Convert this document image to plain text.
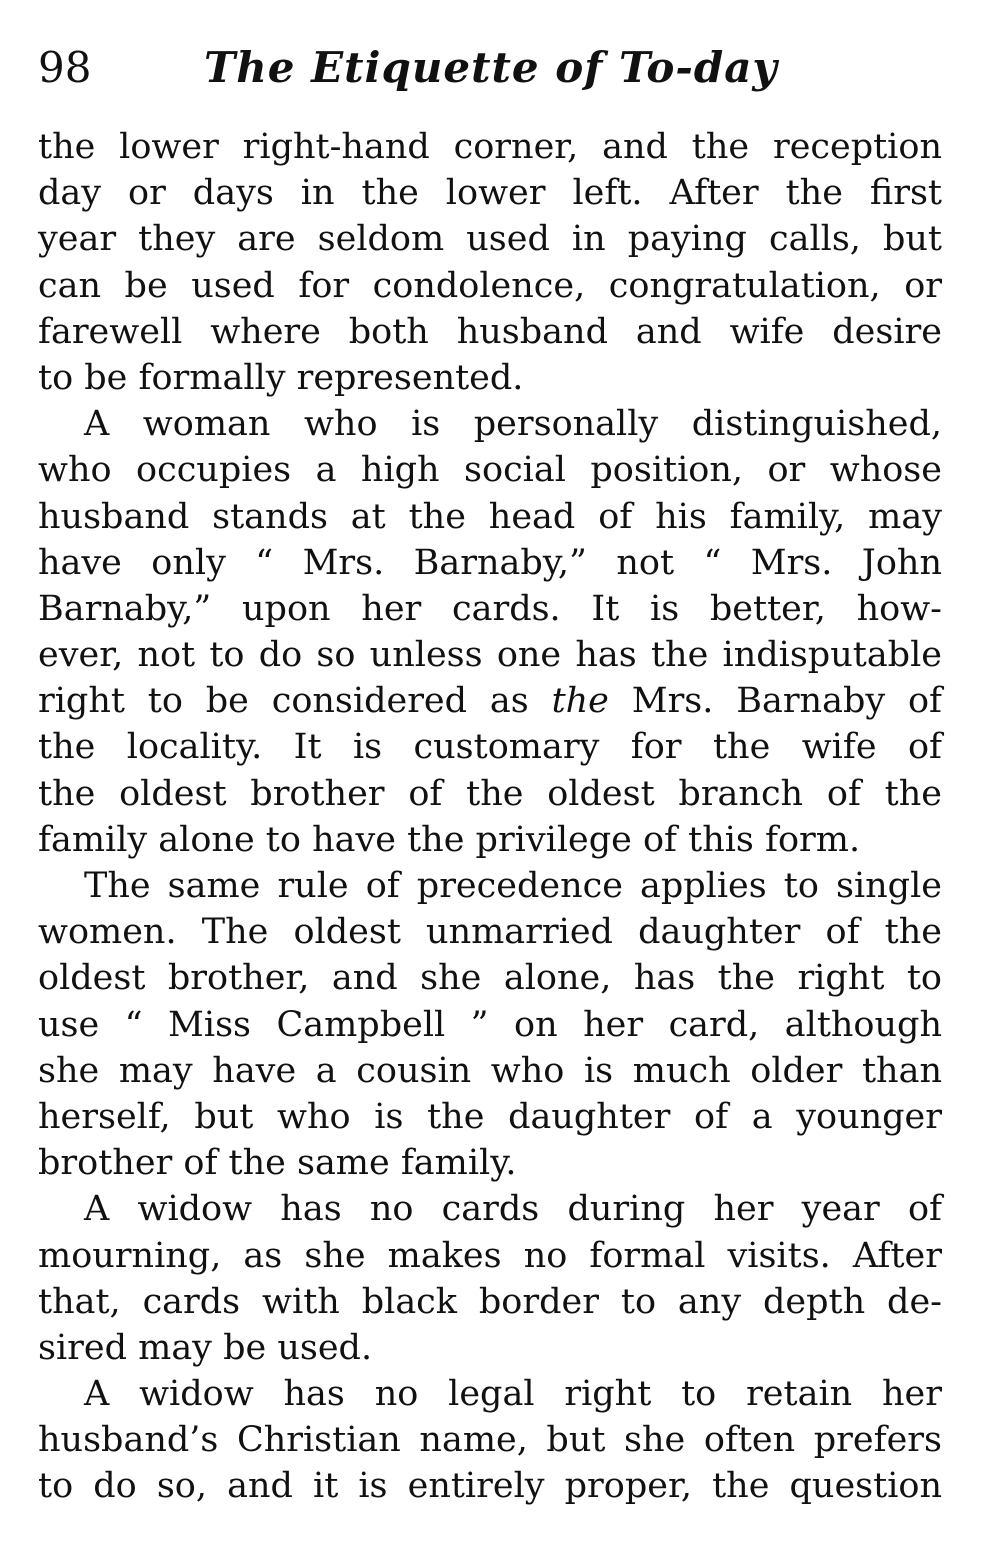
98	The Etiquette of To-day
the lower right-hand corner, and the reception
day or days in the lower left. After the first
year they are seldom used in paying calls, but
can be used for condolence, congratulation, or
farewell where both husband and wife desire
to be formally represented.
A woman who is personally distinguished,
who occupies a high social position, or whose
husband stands at the head of his family, may
have only “ Mrs. Barnaby,” not “ Mrs. John
Barnaby,” upon her cards. It is better, how-
ever, not to do so unless one has the indisputable
right to be considered as the Mrs. Barnaby of
the locality. It is customary for the wife of
the oldest brother of the oldest branch of the
family alone to have the privilege of this form.
The same rule of precedence applies to single
women. The oldest unmarried daughter of the
oldest brother, and she alone, has the right to
use “ Miss Campbell ” on her card, although
she may have a cousin who is much older than
herself, but who is the daughter of a younger
brother of the same family.
A widow has no cards during her year of
mourning, as she makes no formal visits. After
that, cards with black border to any depth de-
sired may be used.
A widow has no legal right to retain her
husband’s Christian name, but she often prefers
to do so, and it is entirely proper, the question
